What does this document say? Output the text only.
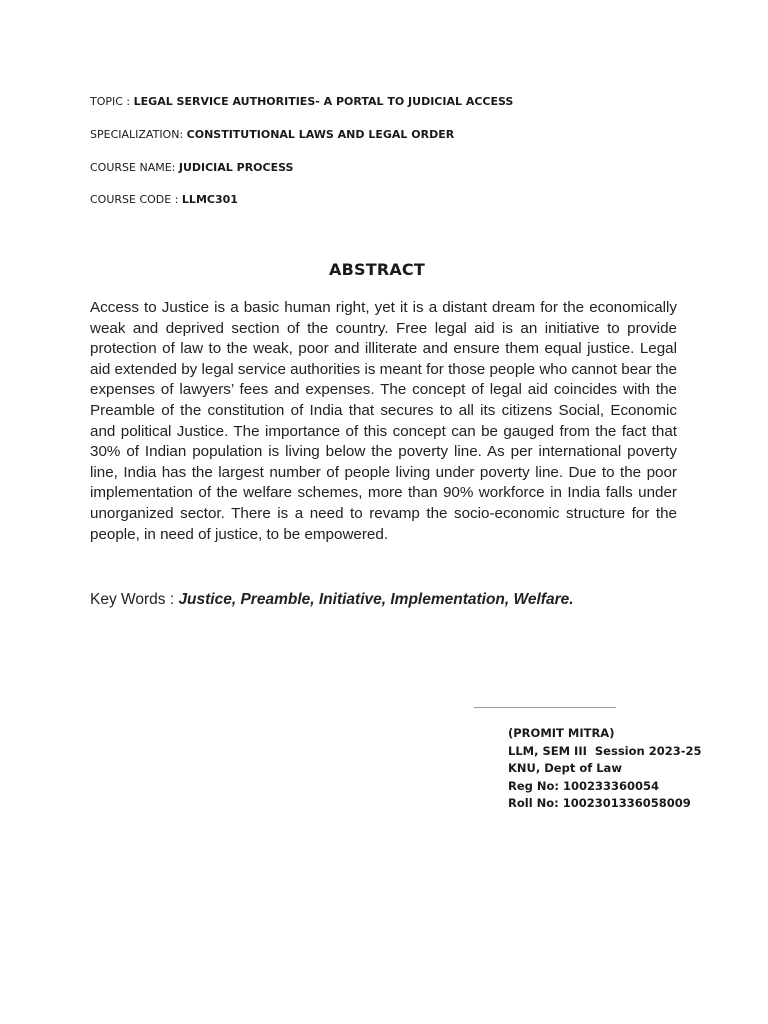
TOPIC : LEGAL SERVICE AUTHORITIES- A PORTAL TO JUDICIAL ACCESS
SPECIALIZATION: CONSTITUTIONAL LAWS AND LEGAL ORDER
COURSE NAME: JUDICIAL PROCESS
COURSE CODE : LLMC301
ABSTRACT

Access to Justice is a basic human right, yet it is a distant dream for the economically weak and deprived section of the country. Free legal aid is an initiative to provide protection of law to the weak, poor and illiterate and ensure them equal justice. Legal aid extended by legal service authorities is meant for those people who cannot bear the expenses of lawyers’ fees and expenses. The concept of legal aid coincides with the Preamble of the constitution of India that secures to all its citizens Social, Economic and political Justice. The importance of this concept can be gauged from the fact that 30% of Indian population is living below the poverty line. As per international poverty line, India has the largest number of people living under poverty line. Due to the poor implementation of the welfare schemes, more than 90% workforce in India falls under unorganized sector. There is a need to revamp the socio-economic structure for the people, in need of justice, to be empowered.

Key Words : Justice, Preamble, Initiative, Implementation, Welfare.
(PROMIT MITRA)
LLM, SEM III  Session 2023-25
KNU, Dept of Law
Reg No: 100233360054
Roll No: 1002301336058009
